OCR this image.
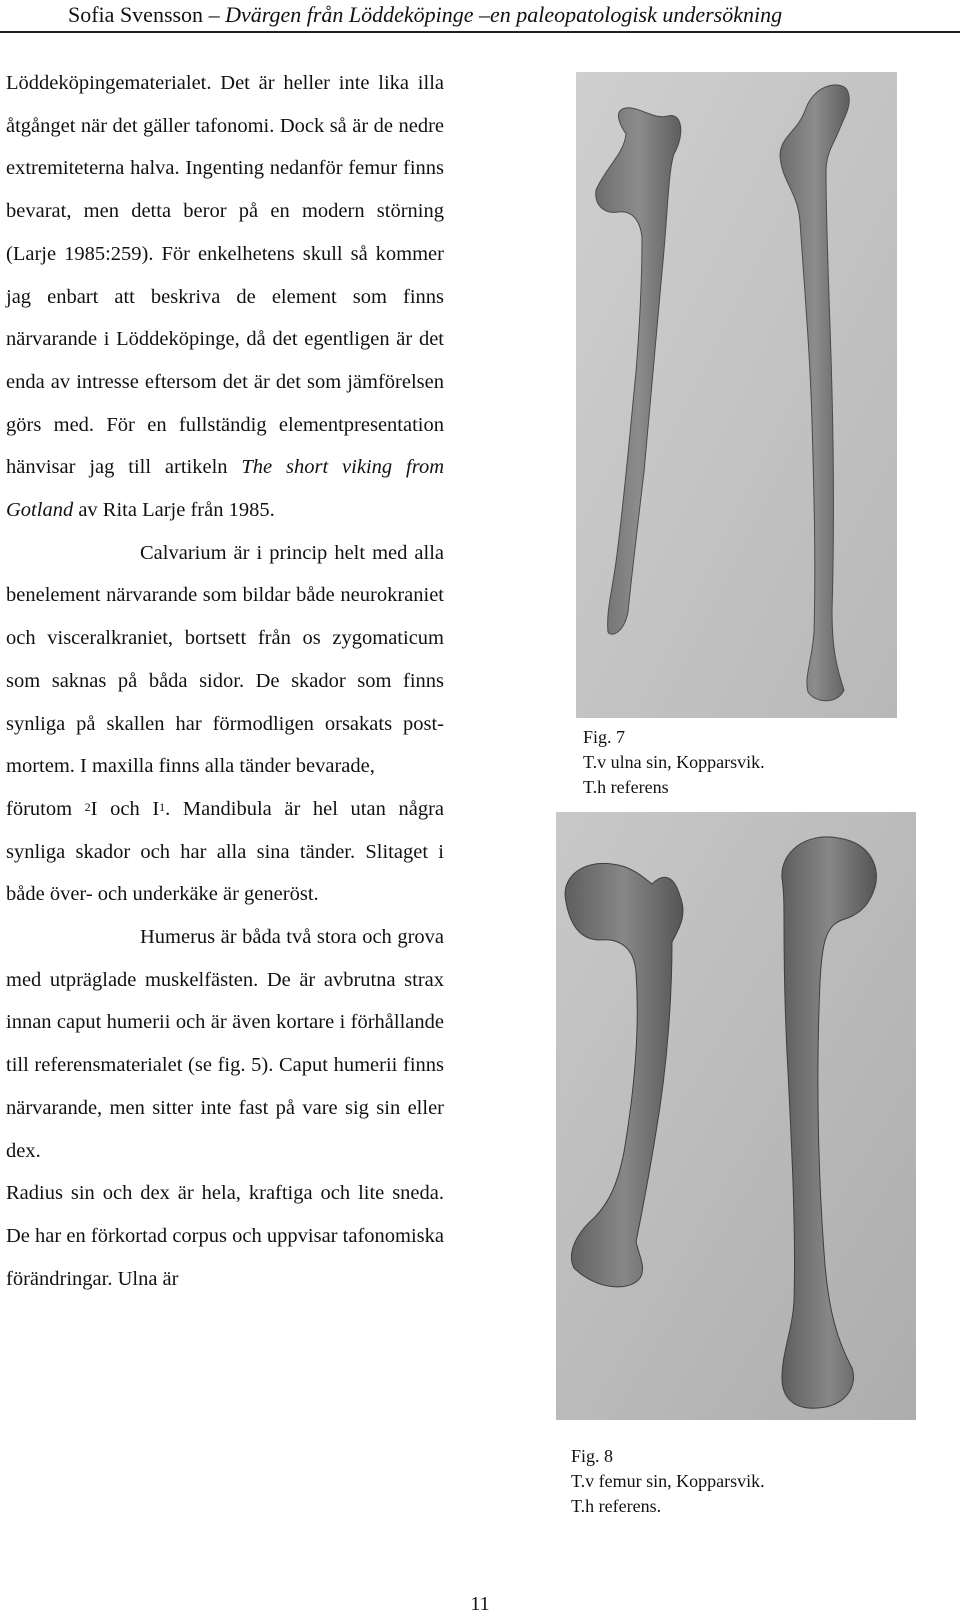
Sofia Svensson – Dvärgen från Löddeköpinge –en paleopatologisk undersökning

Löddeköpingematerialet. Det är heller inte lika illa åtgånget när det gäller tafonomi. Dock så är de nedre extremiteterna halva. Ingenting nedanför femur finns bevarat, men detta beror på en modern störning (Larje 1985:259). För enkelhetens skull så kommer jag enbart att beskriva de element som finns närvarande i Löddeköpinge, då det egentligen är det enda av intresse eftersom det är det som jämförelsen görs med. För en fullständig elementpresentation hänvisar jag till artikeln The short viking from Gotland av Rita Larje från 1985.

Calvarium är i princip helt med alla benelement närvarande som bildar både neurokraniet och visceralkraniet, bortsett från os zygomaticum som saknas på båda sidor. De skador som finns synliga på skallen har förmodligen orsakats post-mortem. I maxilla finns alla tänder bevarade,

förutom $^2$I och $I^1$. Mandibula är hel utan några synliga skador och har alla sina tänder. Slitaget i både över- och underkäke är generöst.

Humerus är båda två stora och grova med utpräglade muskelfästen. De är avbrutna strax innan caput humerii och är även kortare i förhållande till referensmaterialet (se fig. 5). Caput humerii finns närvarande, men sitter inte fast på vare sig sin eller dex.

Radius sin och dex är hela, kraftiga och lite sneda. De har en förkortad corpus och uppvisar tafonomiska förändringar. Ulna är

Fig. 7
T.v ulna sin, Kopparsvik.
T.h referens
Fig. 8
T.v femur sin, Kopparsvik.
T.h referens.
11
